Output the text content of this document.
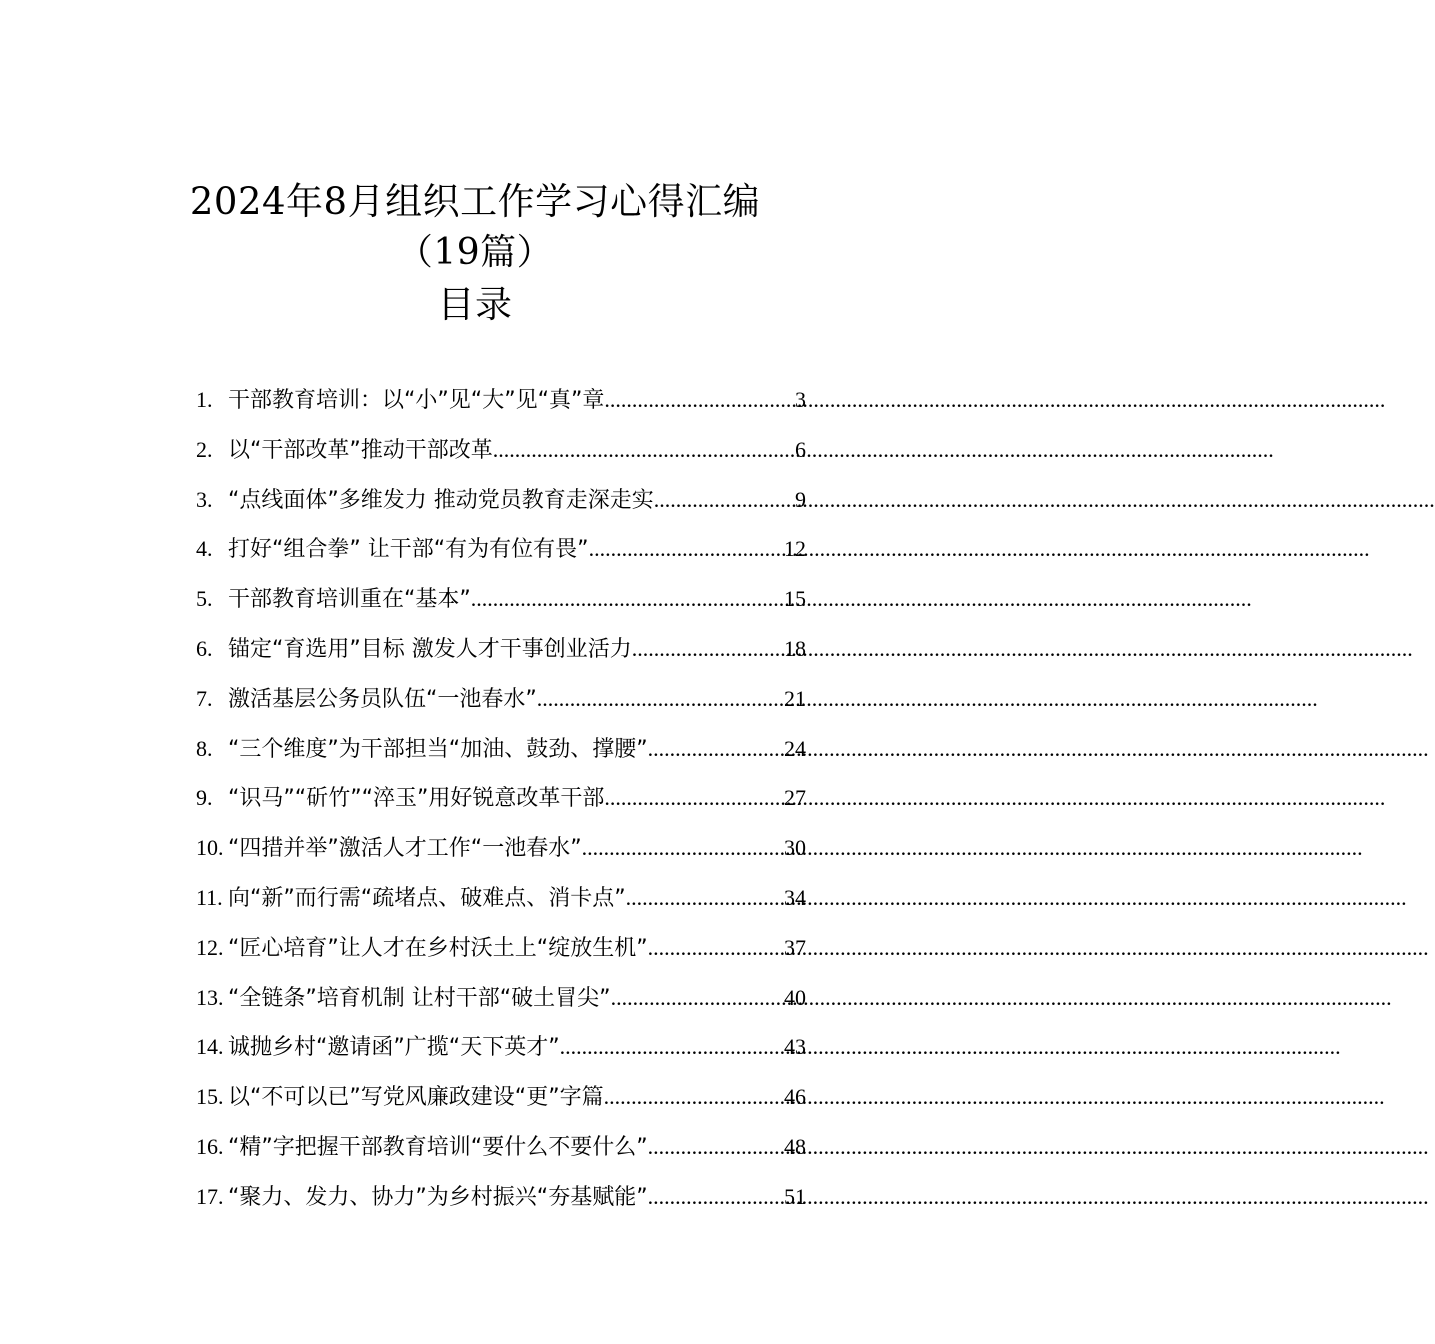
2024年8月组织工作学习心得汇编
（19篇）
目录
1. 干部教育培训：以“小”见“大”见“真”章 .....	3
2. 以“干部改革”推动干部改革 .....	6
3. “点线面体”多维发力 推动党员教育走深走实 .....	9
4. 打好“组合拳” 让干部“有为有位有畏” .....	12
5. 干部教育培训重在“基本” .....	15
6. 锚定“育选用”目标 激发人才干事创业活力 .....	18
7. 激活基层公务员队伍“一池春水” .....	21
8. “三个维度”为干部担当“加油、鼓劲、撑腰” .....	24
9. “识马”“斫竹”“淬玉”用好锐意改革干部 .....	27
10. “四措并举”激活人才工作“一池春水” .....	30
11. 向“新”而行需“疏堵点、破难点、消卡点” .....	34
12. “匠心培育”让人才在乡村沃土上“绽放生机” .....	37
13. “全链条”培育机制 让村干部“破土冒尖” .....	40
14. 诚抛乡村“邀请函”广揽“天下英才” .....	43
15. 以“不可以已”写党风廉政建设“更”字篇 .....	46
16. “精”字把握干部教育培训“要什么不要什么” .....	48
17. “聚力、发力、协力”为乡村振兴“夯基赋能” .....	51
